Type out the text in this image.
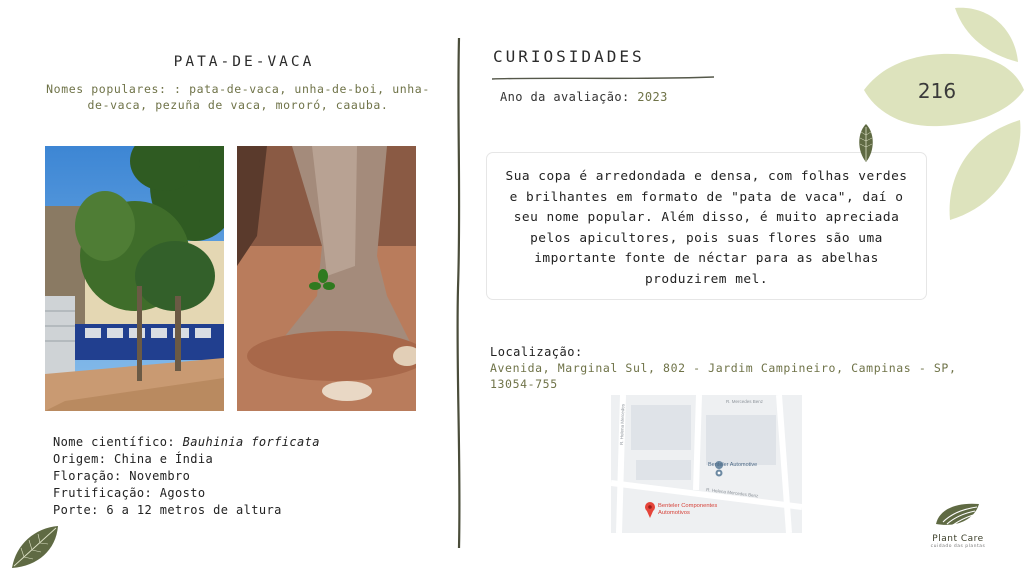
PATA-DE-VACA
Nomes populares: : pata-de-vaca, unha-de-boi, unha-de-vaca, pezuña de vaca, mororó, caauba.
Nome científico: Bauhinia forficata
Origem: China e Índia
Floração: Novembro
Frutificação: Agosto
Porte: 6 a 12 metros de altura
CURIOSIDADES
Ano da avaliação: 2023
Sua copa é arredondada e densa, com folhas verdes e brilhantes em formato de "pata de vaca", daí o seu nome popular. Além disso, é muito apreciada pelos apicultores, pois suas flores são uma importante fonte de néctar para as abelhas produzirem mel.
Localização:
Avenida, Marginal Sul, 802 - Jardim Campineiro, Campinas - SP, 13054-755
R. Mercedes Benz
R. Helena Mercedes Benz
R. Helena Mercedes
Benteler Automotive
Benteler Componentes
Automotivos
216
Plant Care
cuidado das plantas
